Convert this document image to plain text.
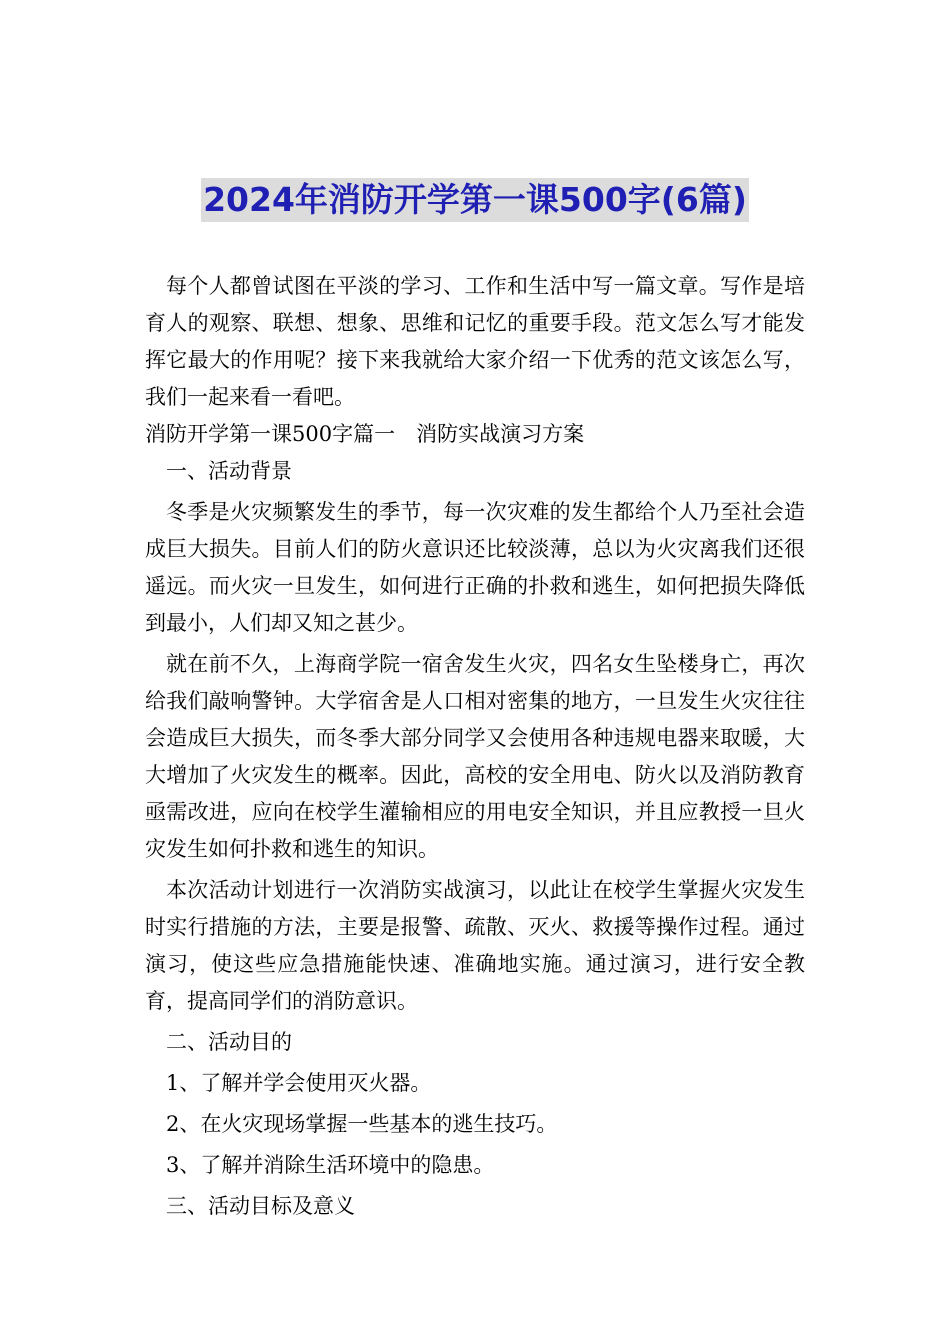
2024年消防开学第一课500字(6篇)

每个人都曾试图在平淡的学习、工作和生活中写一篇文章。写作是培育人的观察、联想、想象、思维和记忆的重要手段。范文怎么写才能发挥它最大的作用呢？接下来我就给大家介绍一下优秀的范文该怎么写，我们一起来看一看吧。

消防开学第一课500字篇一　消防实战演习方案

一、活动背景

冬季是火灾频繁发生的季节，每一次灾难的发生都给个人乃至社会造成巨大损失。目前人们的防火意识还比较淡薄，总以为火灾离我们还很遥远。而火灾一旦发生，如何进行正确的扑救和逃生，如何把损失降低到最小，人们却又知之甚少。

就在前不久，上海商学院一宿舍发生火灾，四名女生坠楼身亡，再次给我们敲响警钟。大学宿舍是人口相对密集的地方，一旦发生火灾往往会造成巨大损失，而冬季大部分同学又会使用各种违规电器来取暖，大大增加了火灾发生的概率。因此，高校的安全用电、防火以及消防教育亟需改进，应向在校学生灌输相应的用电安全知识，并且应教授一旦火灾发生如何扑救和逃生的知识。

本次活动计划进行一次消防实战演习，以此让在校学生掌握火灾发生时实行措施的方法，主要是报警、疏散、灭火、救援等操作过程。通过演习，使这些应急措施能快速、准确地实施。通过演习，进行安全教育，提高同学们的消防意识。

二、活动目的

1、了解并学会使用灭火器。

2、在火灾现场掌握一些基本的逃生技巧。

3、了解并消除生活环境中的隐患。

三、活动目标及意义
